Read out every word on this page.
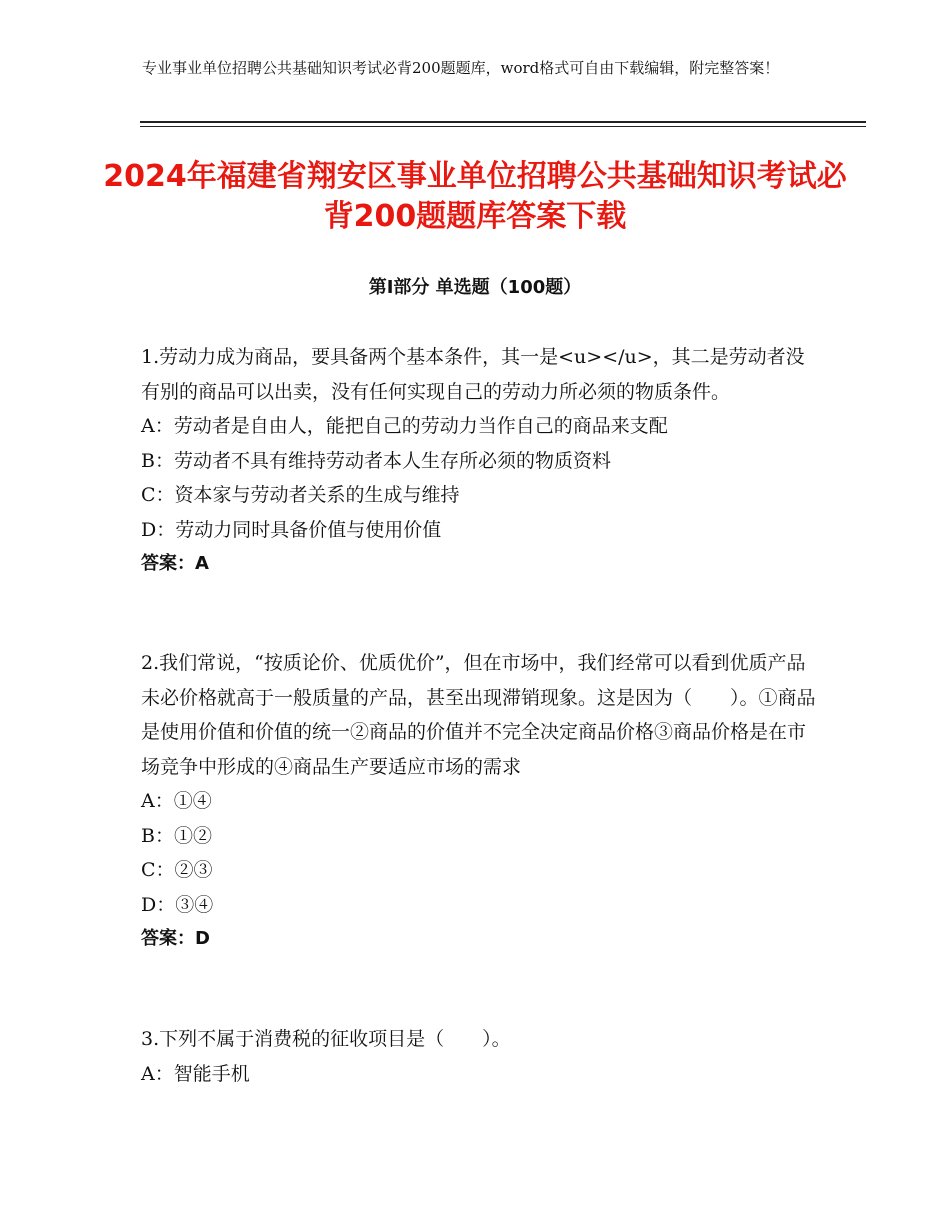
专业事业单位招聘公共基础知识考试必背200题题库，word格式可自由下载编辑，附完整答案！
2024年福建省翔安区事业单位招聘公共基础知识考试必背200题题库答案下载
第Ⅰ部分 单选题（100题）
1.劳动力成为商品，要具备两个基本条件，其一是<u></u>，其二是劳动者没有别的商品可以出卖，没有任何实现自己的劳动力所必须的物质条件。
A：劳动者是自由人，能把自己的劳动力当作自己的商品来支配
B：劳动者不具有维持劳动者本人生存所必须的物质资料
C：资本家与劳动者关系的生成与维持
D：劳动力同时具备价值与使用价值
答案：A
2.我们常说，“按质论价、优质优价”，但在市场中，我们经常可以看到优质产品未必价格就高于一般质量的产品，甚至出现滞销现象。这是因为（　　）。①商品是使用价值和价值的统一②商品的价值并不完全决定商品价格③商品价格是在市场竞争中形成的④商品生产要适应市场的需求
A：①④
B：①②
C：②③
D：③④
答案：D
3.下列不属于消费税的征收项目是（　　）。
A：智能手机
